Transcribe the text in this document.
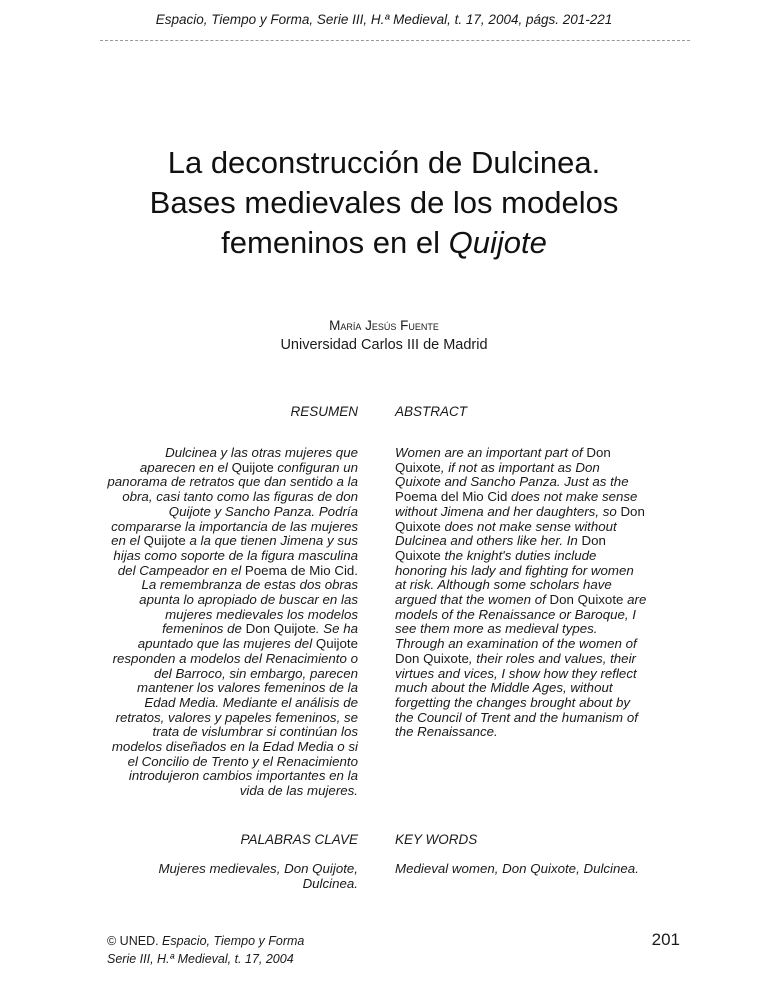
Espacio, Tiempo y Forma, Serie III, H.ª Medieval, t. 17, 2004, págs. 201-221
La deconstrucción de Dulcinea.
Bases medievales de los modelos
femeninos en el Quijote
María Jesús Fuente
Universidad Carlos III de Madrid
RESUMEN	ABSTRACT
Dulcinea y las otras mujeres que
aparecen en el Quijote configuran un
panorama de retratos que dan sentido a la
obra, casi tanto como las figuras de don
Quijote y Sancho Panza. Podría
compararse la importancia de las mujeres
en el Quijote a la que tienen Jimena y sus
hijas como soporte de la figura masculina
del Campeador en el Poema de Mio Cid.
La remembranza de estas dos obras
apunta lo apropiado de buscar en las
mujeres medievales los modelos
femeninos de Don Quijote. Se ha
apuntado que las mujeres del Quijote
responden a modelos del Renacimiento o
del Barroco, sin embargo, parecen
mantener los valores femeninos de la
Edad Media. Mediante el análisis de
retratos, valores y papeles femeninos, se
trata de vislumbrar si continúan los
modelos diseñados en la Edad Media o si
el Concilio de Trento y el Renacimiento
introdujeron cambios importantes en la
vida de las mujeres.
Women are an important part of Don
Quixote, if not as important as Don
Quixote and Sancho Panza. Just as the
Poema del Mio Cid does not make sense
without Jimena and her daughters, so Don
Quixote does not make sense without
Dulcinea and others like her. In Don
Quixote the knight's duties include
honoring his lady and fighting for women
at risk. Although some scholars have
argued that the women of Don Quixote are
models of the Renaissance or Baroque, I
see them more as medieval types.
Through an examination of the women of
Don Quixote, their roles and values, their
virtues and vices, I show how they reflect
much about the Middle Ages, without
forgetting the changes brought about by
the Council of Trent and the humanism of
the Renaissance.
PALABRAS CLAVE	KEY WORDS
Mujeres medievales, Don Quijote,
Dulcinea.
Medieval women, Don Quixote, Dulcinea.
© UNED. Espacio, Tiempo y Forma
Serie III, H.ª Medieval, t. 17, 2004
201
